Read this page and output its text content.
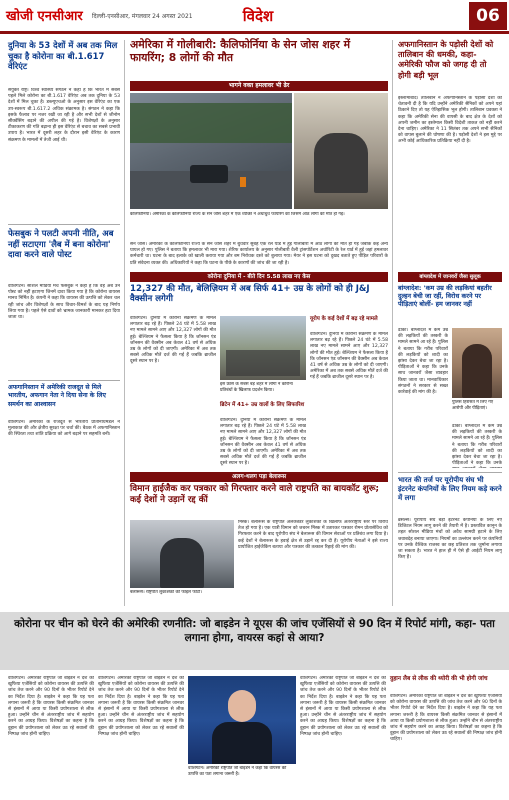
खोजी एनसीआर दिल्ली-एनसीआर, मंगलवार 24 अगस्त 2021	विदेश	06
दुनिया के 53 देशों में अब तक मिल चुका है कोरोना का बी.1.617 वेरिएंट
संयुक्त राष्ट्र। विश्व स्वास्थ्य संगठन ने कहा है कि भारत में सबसे पहले मिले कोरोना का बी.1.617 वेरिएंट अब तक दुनिया के 53 देशों में मिल चुका है। डब्ल्यूएचओ के अनुसार इस वेरिएंट का एक उप-स्वरूप बी.1.617.2 अधिक संक्रामक है। संगठन ने कहा कि इसके फैलाव पर नजर रखी जा रही है और सभी देशों से जीनोम सीक्वेंसिंग बढ़ाने की अपील की गई है। विशेषज्ञों के अनुसार टीकाकरण की गति बढ़ाना ही इस वेरिएंट से बचाव का सबसे प्रभावी उपाय है। भारत में दूसरी लहर के दौरान इसी वेरिएंट के कारण संक्रमण के मामलों में तेजी आई थी।
फेसबुक ने पलटी अपनी नीति, अब नहीं सटाएगा 'लैब में बना कोरोना' दावा करने वाले पोस्ट
वाशिंगटन। सोशल मीडिया मंच फेसबुक ने कहा है कि वह अब उन पोस्ट को नहीं हटाएगा जिनमें दावा किया गया है कि कोरोना वायरस मानव निर्मित है। कंपनी ने कहा कि वायरस की उत्पत्ति को लेकर चल रही जांच और विशेषज्ञों के साथ विचार-विमर्श के बाद यह निर्णय लिया गया है। पहले ऐसे दावों को भ्रामक जानकारी मानकर हटा दिया जाता था।
अफगानिस्तान में अमेरिकी राजदूत से मिले भारतीय, अफगान नेता ने दिया सेना के लिए समर्थन का आश्वासन
वाशिंगटन। अमेरिका के राजदूत से भारतीय प्रतिनिधिमंडल ने मुलाकात की और क्षेत्रीय सुरक्षा पर चर्चा की। बैठक में अफगानिस्तान की स्थिरता तथा शांति प्रक्रिया को आगे बढ़ाने पर सहमति बनी।
अमेरिका में गोलीबारी: कैलिफोर्निया के सेन जोस शहर में फायरिंग; 8 लोगों की मौत
भागने वक्त हमलावर भी ढेर
कैलिफोर्निया। अमेरिका के कैलिफोर्निया राज्य के सेन जोस शहर में एक व्यक्ति ने अंधाधुंध फायरिंग की जिसमें आठ लोगों की मौत हो गई।
सेन जोस। अमेरिका के कैलिफोर्निया राज्य के सेन जोस शहर में बुधवार सुबह एक रेल यार्ड में हुई गोलीबारी में आठ लोगों की मौत हो गई जबकि कई अन्य घायल हो गए। पुलिस ने बताया कि हमलावर भी मारा गया। शेरिफ कार्यालय के अनुसार गोलीबारी वैली ट्रांसपोर्टेशन अथॉरिटी के रेल यार्ड में हुई जहां हमलावर कर्मचारी था। घटना के बाद इलाके को खाली कराया गया और बम निरोधक दस्ते को बुलाया गया। मेयर ने इस घटना को दुखद बताते हुए पीड़ित परिवारों के प्रति संवेदना व्यक्त की। अधिकारियों ने कहा कि घटना के पीछे के कारणों की जांच की जा रही है।
कोरोना दुनिया में - बीते दिन 5.58 लाख नए केस
12,327 की मौत, बेलिज़ियम में अब सिर्फ 41+ उम्र के लोगों को ही J&J वैक्सीन लगेगी
वाशिंगटन। दुनिया में कोरोना संक्रमण के मामले लगातार बढ़ रहे हैं। पिछले 24 घंटे में 5.58 लाख नए मामले सामने आए और 12,327 लोगों की मौत हुई। बेल्जियम ने फैसला किया है कि जॉनसन एंड जॉनसन की वैक्सीन अब केवल 41 वर्ष से अधिक उम्र के लोगों को दी जाएगी। अमेरिका में अब तक सबसे अधिक मौतें दर्ज की गई हैं जबकि ब्राजील दूसरे स्थान पर है।
इस फ्रांस के सबसे बड़े शहर में लोगों ने कोरोना प्रतिबंधों के खिलाफ प्रदर्शन किया।
ब्रिटेन में 41+ उम्र वालों के लिए सिफारिश
वाशिंगटन। दुनिया में कोरोना संक्रमण के मामले लगातार बढ़ रहे हैं। पिछले 24 घंटे में 5.58 लाख नए मामले सामने आए और 12,327 लोगों की मौत हुई। बेल्जियम ने फैसला किया है कि जॉनसन एंड जॉनसन की वैक्सीन अब केवल 41 वर्ष से अधिक उम्र के लोगों को दी जाएगी। अमेरिका में अब तक सबसे अधिक मौतें दर्ज की गई हैं जबकि ब्राजील दूसरे स्थान पर है।
यूरोप के कई देशों में बढ़ रहे मामले
वाशिंगटन। दुनिया में कोरोना संक्रमण के मामले लगातार बढ़ रहे हैं। पिछले 24 घंटे में 5.58 लाख नए मामले सामने आए और 12,327 लोगों की मौत हुई। बेल्जियम ने फैसला किया है कि जॉनसन एंड जॉनसन की वैक्सीन अब केवल 41 वर्ष से अधिक उम्र के लोगों को दी जाएगी। अमेरिका में अब तक सबसे अधिक मौतें दर्ज की गई हैं जबकि ब्राजील दूसरे स्थान पर है।
अलग-थलग पड़ा बेलारूस
विमान हाईजैक कर पत्रकार को गिरफ्तार करने वाले राष्ट्रपति का बायकॉट शुरू; कई देशों ने उड़ानें रद्द कीं
बेलारूस। राष्ट्रपति लुकाशेंको की फाइल फोटो।
मिंस्क। बेलारूस के राष्ट्रपति अलेक्जेंडर लुकाशेंको के खिलाफ अंतरराष्ट्रीय स्तर पर विरोध तेज हो गया है। एक यात्री विमान को जबरन मिंस्क में उतारकर पत्रकार रोमन प्रोतासेविच को गिरफ्तार करने के बाद यूरोपीय संघ ने बेलारूस की विमान सेवाओं पर प्रतिबंध लगा दिया है। कई देशों ने बेलारूस के हवाई क्षेत्र से उड़ानें रद्द कर दी हैं। यूरोपीय नेताओं ने इसे राज्य प्रायोजित हाईजैकिंग बताया और पत्रकार की तत्काल रिहाई की मांग की।
अफगानिस्तान के पड़ोसी देशों को तालिबान की धमकी, कहा- अमेरिकी फौज को जगह दी तो होगी बड़ी भूल
इस्लामाबाद। तालिबान ने अफगानिस्तान के पड़ोसी देशों को चेतावनी दी है कि यदि उन्होंने अमेरिकी सैनिकों को अपने यहां ठिकाने दिए तो यह ऐतिहासिक भूल होगी। तालिबान प्रवक्ता ने कहा कि अमेरिकी सेना की वापसी के बाद क्षेत्र के देशों को अपनी जमीन का इस्तेमाल किसी विदेशी ताकत को नहीं करने देना चाहिए। अमेरिका ने 11 सितंबर तक अपने सभी सैनिकों को वापस बुलाने की घोषणा की है। पड़ोसी देशों ने इस मुद्दे पर अभी कोई आधिकारिक प्रतिक्रिया नहीं दी है।
बांग्लादेश में जानवरों जैसा सुलूक
बांग्लादेश: 'कम उम्र की लड़कियां बहतीर दुल्हन बेची जा रहीं, विरोध करने पर पीड़िताएं बोलीं- हम जानवर नहीं
ढाका। बांग्लादेश में कम उम्र की लड़कियों की तस्करी के मामले सामने आ रहे हैं। पुलिस ने बताया कि गरीब परिवारों की लड़कियों को शादी का झांसा देकर बेचा जा रहा है। पीड़िताओं ने कहा कि उनके साथ जानवरों जैसा व्यवहार किया जाता था। मानवाधिकार संगठनों ने सरकार से सख्त कार्रवाई की मांग की है।
पुलिस हिरासत में लिए गए आरोपी और पीड़िताएं।
ढाका। बांग्लादेश में कम उम्र की लड़कियों की तस्करी के मामले सामने आ रहे हैं। पुलिस ने बताया कि गरीब परिवारों की लड़कियों को शादी का झांसा देकर बेचा जा रहा है। पीड़िताओं ने कहा कि उनके
भारत की तर्ज पर यूरोपीय संघ भी इंटरनेट कंपनियों के लिए नियम कड़े करने में लगा
ब्रसेल्स। यूरोपीय संघ बड़ी इंटरनेट कंपनियों के लिए नए डिजिटल नियम लागू करने की तैयारी में है। प्रस्तावित कानून के तहत सोशल मीडिया मंचों को अवैध सामग्री हटाने के लिए जवाबदेह बनाया जाएगा। नियमों का उल्लंघन करने पर कंपनियों पर उनके वैश्विक राजस्व का छह प्रतिशत तक जुर्माना लगाया जा सकता है। भारत ने हाल ही में ऐसे ही आईटी नियम लागू किए हैं।
कोरोना पर चीन को घेरने की अमेरिकी रणनीति: जो बाइडेन ने यूएस की जांच एजेंसियों से 90 दिन में रिपोर्ट मांगी, कहा- पता लगाना होगा, वायरस कहां से आया?
वाशिंगटन। अमेरिकी राष्ट्रपति जो बाइडेन ने देश की खुफिया एजेंसियों को कोरोना वायरस की उत्पत्ति की जांच तेज करने और 90 दिनों के भीतर रिपोर्ट देने का निर्देश दिया है। बाइडेन ने कहा कि यह पता लगाना जरूरी है कि वायरस किसी संक्रमित जानवर से इंसानों में आया या किसी प्रयोगशाला से लीक हुआ। उन्होंने चीन से अंतरराष्ट्रीय जांच में सहयोग करने का आग्रह किया। विशेषज्ञों का कहना है कि वुहान की प्रयोगशाला को लेकर उठ रहे सवालों की निष्पक्ष जांच होनी चाहिए।
वाशिंगटन। अमेरिकी राष्ट्रपति जो बाइडेन ने देश की खुफिया एजेंसियों को कोरोना वायरस की उत्पत्ति की जांच तेज करने और 90 दिनों के भीतर रिपोर्ट देने का निर्देश दिया है। बाइडेन ने कहा कि यह पता लगाना जरूरी है कि वायरस किसी संक्रमित जानवर से इंसानों में आया या किसी प्रयोगशाला से लीक हुआ। उन्होंने चीन से अंतरराष्ट्रीय जांच में सहयोग करने का आग्रह किया। विशेषज्ञों का कहना है कि वुहान की प्रयोगशाला को लेकर उठ रहे सवालों की निष्पक्ष जांच होनी चाहिए।
वाशिंगटन। अमेरिकी राष्ट्रपति जो बाइडेन ने कहा कि वायरस की उत्पत्ति का पता लगाना जरूरी है।
वाशिंगटन। अमेरिकी राष्ट्रपति जो बाइडेन ने देश की खुफिया एजेंसियों को कोरोना वायरस की उत्पत्ति की जांच तेज करने और 90 दिनों के भीतर रिपोर्ट देने का निर्देश दिया है। बाइडेन ने कहा कि यह पता लगाना जरूरी है कि वायरस किसी संक्रमित जानवर से इंसानों में आया या किसी प्रयोगशाला से लीक हुआ। उन्होंने चीन से अंतरराष्ट्रीय जांच में सहयोग करने का आग्रह किया। विशेषज्ञों का कहना है कि वुहान की प्रयोगशाला को लेकर उठ रहे सवालों की निष्पक्ष जांच होनी चाहिए।
वुहान लैब से लीक की थ्योरी की भी होगी जांच
वाशिंगटन। अमेरिकी राष्ट्रपति जो बाइडेन ने देश की खुफिया एजेंसियों को कोरोना वायरस की उत्पत्ति की जांच तेज करने और 90 दिनों के भीतर रिपोर्ट देने का निर्देश दिया है। बाइडेन ने कहा कि यह पता लगाना जरूरी है कि वायरस किसी संक्रमित जानवर से इंसानों में आया या किसी प्रयोगशाला से लीक हुआ। उन्होंने चीन से अंतरराष्ट्रीय जांच में सहयोग करने का आग्रह किया। विशेषज्ञों का कहना है कि वुहान की प्रयोगशाला को लेकर उठ रहे सवालों की निष्पक्ष जांच होनी चाहिए।
